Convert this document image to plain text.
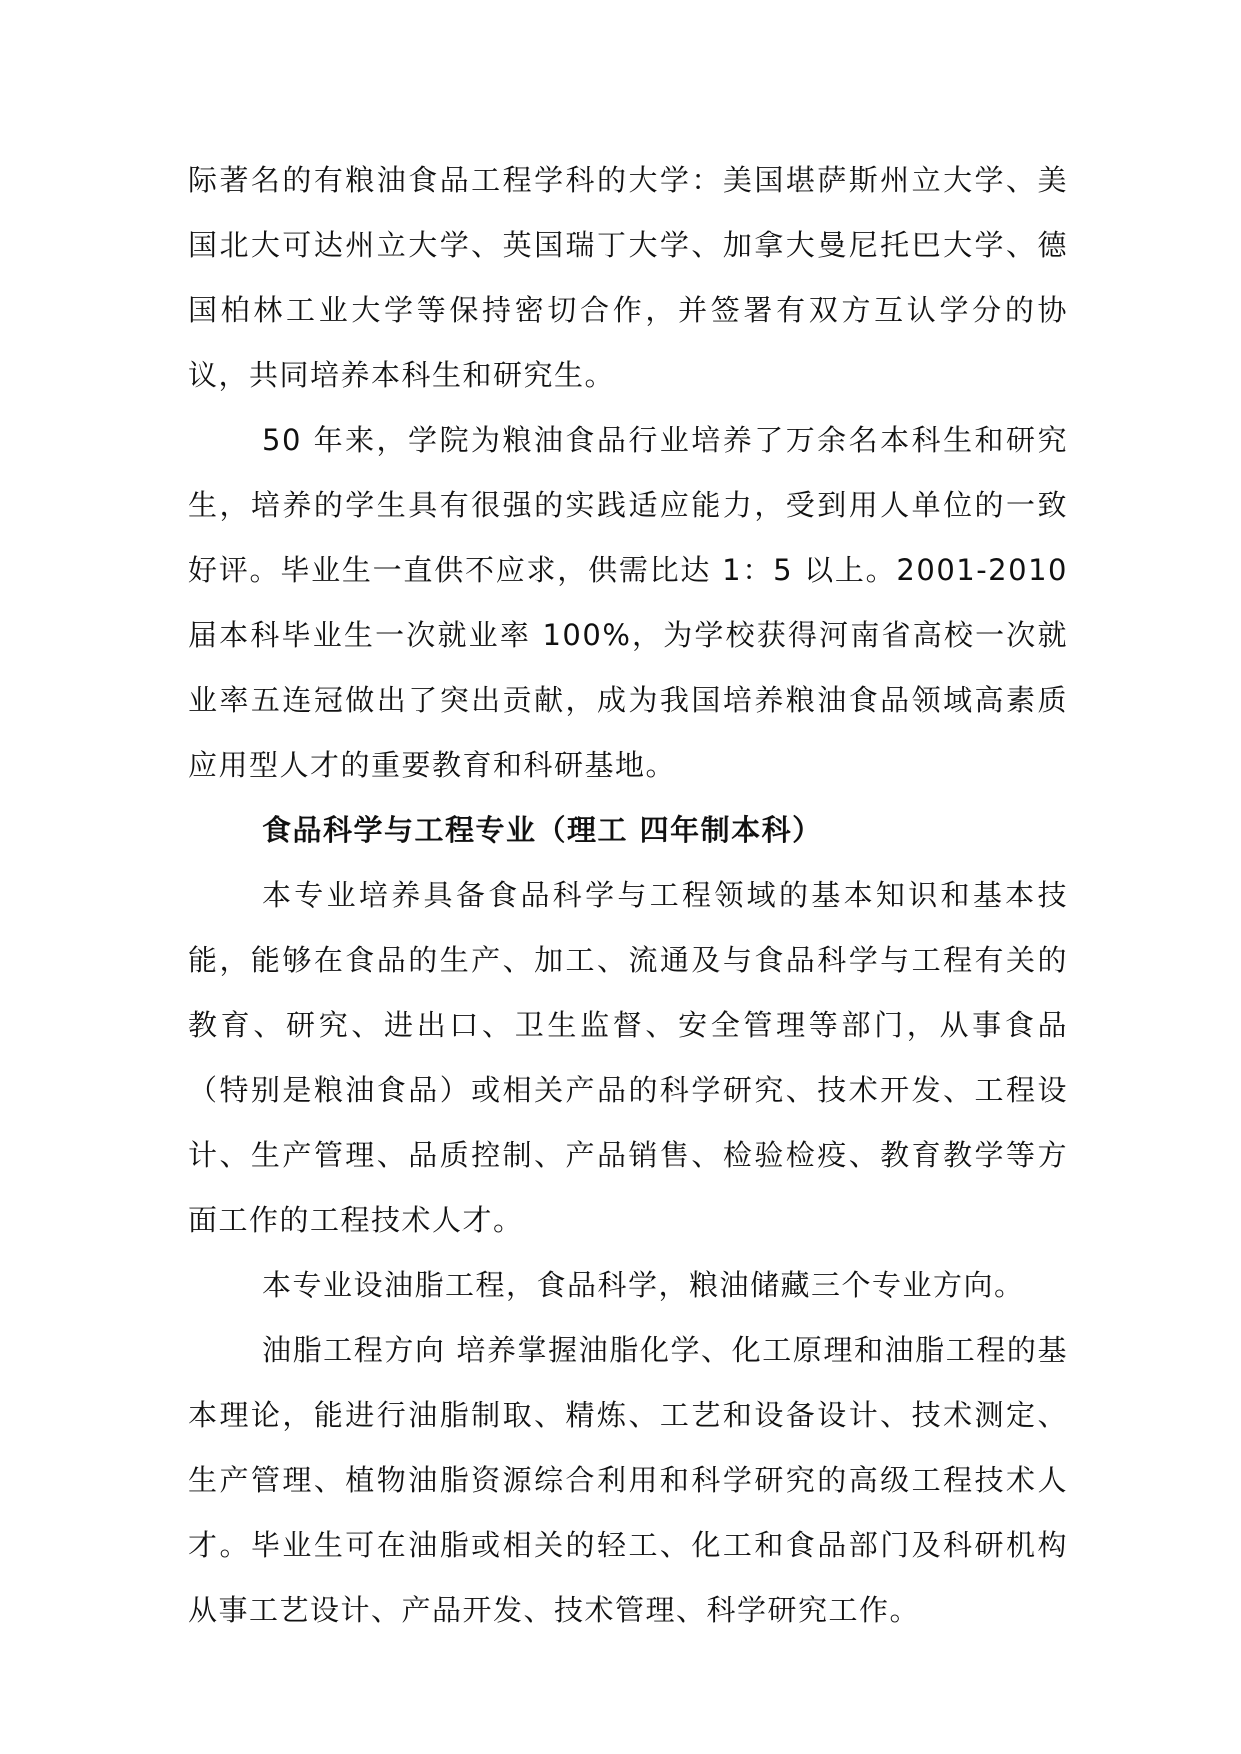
际著名的有粮油食品工程学科的大学：美国堪萨斯州立大学、美国北大可达州立大学、英国瑞丁大学、加拿大曼尼托巴大学、德国柏林工业大学等保持密切合作，并签署有双方互认学分的协议，共同培养本科生和研究生。

50 年来，学院为粮油食品行业培养了万余名本科生和研究生，培养的学生具有很强的实践适应能力，受到用人单位的一致好评。毕业生一直供不应求，供需比达 1：5 以上。2001-2010 届本科毕业生一次就业率 100%，为学校获得河南省高校一次就业率五连冠做出了突出贡献，成为我国培养粮油食品领域高素质应用型人才的重要教育和科研基地。

食品科学与工程专业（理工 四年制本科）

本专业培养具备食品科学与工程领域的基本知识和基本技能，能够在食品的生产、加工、流通及与食品科学与工程有关的教育、研究、进出口、卫生监督、安全管理等部门，从事食品（特别是粮油食品）或相关产品的科学研究、技术开发、工程设计、生产管理、品质控制、产品销售、检验检疫、教育教学等方面工作的工程技术人才。

本专业设油脂工程，食品科学，粮油储藏三个专业方向。

油脂工程方向 培养掌握油脂化学、化工原理和油脂工程的基本理论，能进行油脂制取、精炼、工艺和设备设计、技术测定、生产管理、植物油脂资源综合利用和科学研究的高级工程技术人才。毕业生可在油脂或相关的轻工、化工和食品部门及科研机构从事工艺设计、产品开发、技术管理、科学研究工作。
